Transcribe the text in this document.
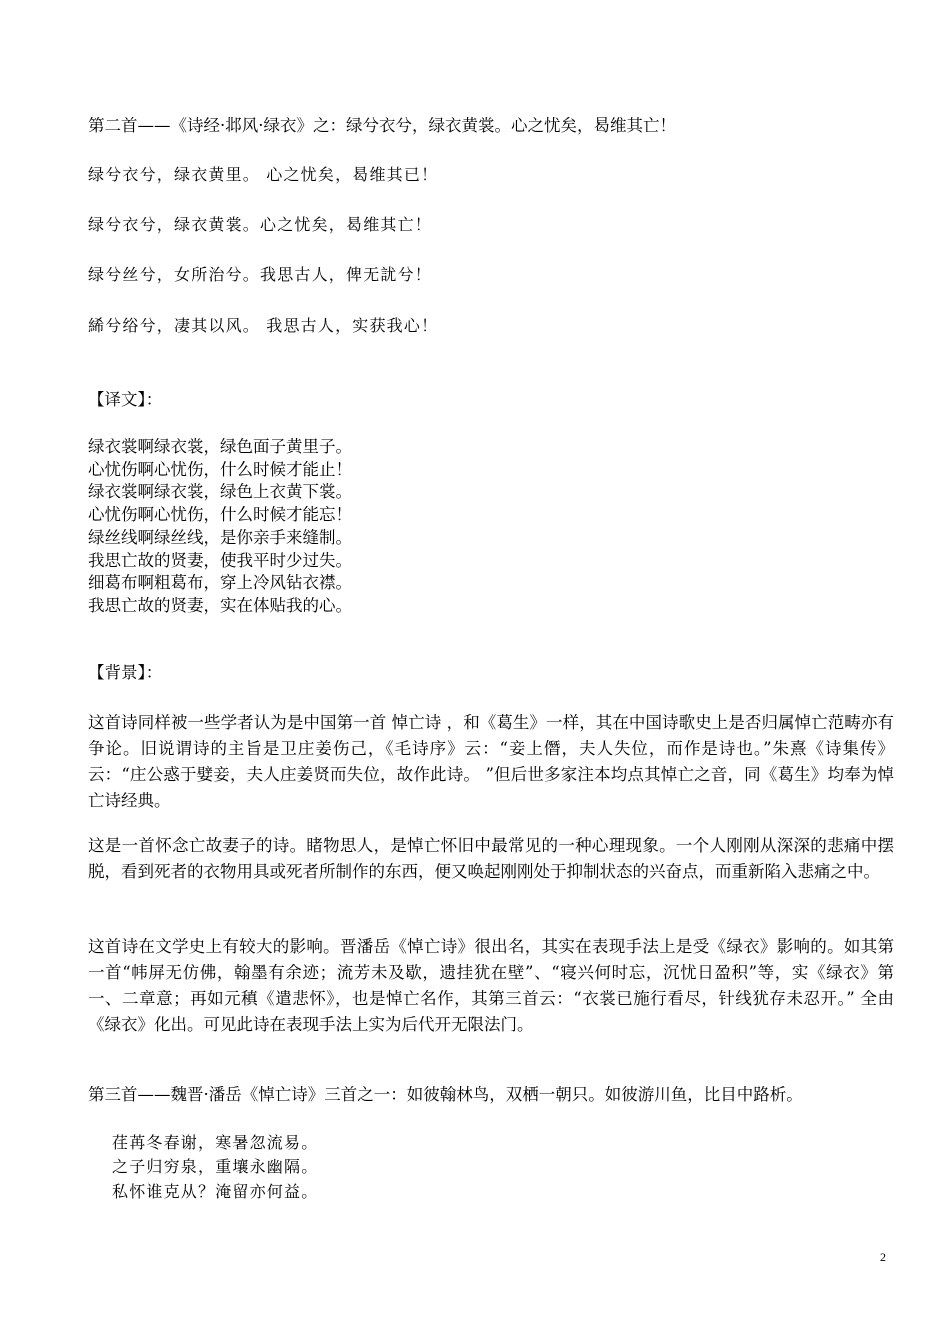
第二首——《诗经·邶风·绿衣》之：绿兮衣兮，绿衣黄裳。心之忧矣，曷维其亡！
绿兮衣兮，绿衣黄里。 心之忧矣，曷维其已！
绿兮衣兮，绿衣黄裳。心之忧矣，曷维其亡！
绿兮丝兮，女所治兮。我思古人，俾无訧兮！
絺兮绤兮，凄其以风。 我思古人，实获我心！
【译文】：
绿衣裳啊绿衣裳，绿色面子黄里子。
心忧伤啊心忧伤，什么时候才能止！
绿衣裳啊绿衣裳，绿色上衣黄下裳。
心忧伤啊心忧伤，什么时候才能忘！
绿丝线啊绿丝线，是你亲手来缝制。
我思亡故的贤妻，使我平时少过失。
细葛布啊粗葛布，穿上冷风钻衣襟。
我思亡故的贤妻，实在体贴我的心。
【背景】：
这首诗同样被一些学者认为是中国第一首 悼亡诗 ，和《葛生》一样，其在中国诗歌史上是否归属悼亡范畴亦有争论。旧说谓诗的主旨是卫庄姜伤己，《毛诗序》云：“妾上僭，夫人失位，而作是诗也。”朱熹《诗集传》云：“庄公惑于嬖妾，夫人庄姜贤而失位，故作此诗。 ”但后世多家注本均点其悼亡之音，同《葛生》均奉为悼亡诗经典。
这是一首怀念亡故妻子的诗。睹物思人，是悼亡怀旧中最常见的一种心理现象。一个人刚刚从深深的悲痛中摆脱，看到死者的衣物用具或死者所制作的东西，便又唤起刚刚处于抑制状态的兴奋点，而重新陷入悲痛之中。
这首诗在文学史上有较大的影响。晋潘岳《悼亡诗》很出名，其实在表现手法上是受《绿衣》影响的。如其第一首“帏屏无仿佛，翰墨有余迹；流芳未及歇，遗挂犹在壁”、“寝兴何时忘，沉忧日盈积”等，实《绿衣》第一、二章意；再如元稹《遣悲怀》，也是悼亡名作，其第三首云：“衣裳已施行看尽，针线犹存未忍开。” 全由《绿衣》化出。可见此诗在表现手法上实为后代开无限法门。
第三首——魏晋·潘岳《悼亡诗》三首之一：如彼翰林鸟，双栖一朝只。如彼游川鱼，比目中路析。
荏苒冬春谢，寒暑忽流易。
之子归穷泉，重壤永幽隔。
私怀谁克从？淹留亦何益。
2
